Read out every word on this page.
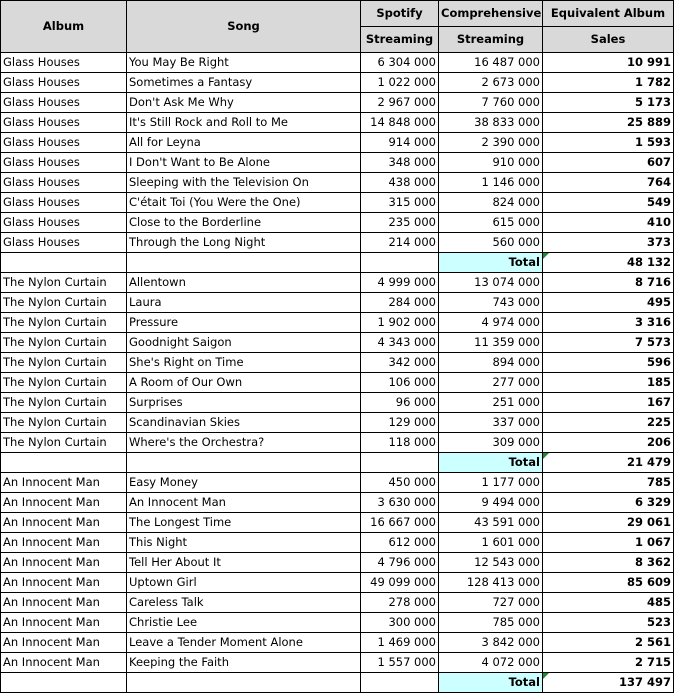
Album	Song	Spotify	Comprehensive	Equivalent Album
		Streaming	Streaming	Sales
Glass Houses	You May Be Right	6 304 000	16 487 000	10 991
Glass Houses	Sometimes a Fantasy	1 022 000	2 673 000	1 782
Glass Houses	Don't Ask Me Why	2 967 000	7 760 000	5 173
Glass Houses	It's Still Rock and Roll to Me	14 848 000	38 833 000	25 889
Glass Houses	All for Leyna	914 000	2 390 000	1 593
Glass Houses	I Don't Want to Be Alone	348 000	910 000	607
Glass Houses	Sleeping with the Television On	438 000	1 146 000	764
Glass Houses	C'était Toi (You Were the One)	315 000	824 000	549
Glass Houses	Close to the Borderline	235 000	615 000	410
Glass Houses	Through the Long Night	214 000	560 000	373
			Total	48 132
The Nylon Curtain	Allentown	4 999 000	13 074 000	8 716
The Nylon Curtain	Laura	284 000	743 000	495
The Nylon Curtain	Pressure	1 902 000	4 974 000	3 316
The Nylon Curtain	Goodnight Saigon	4 343 000	11 359 000	7 573
The Nylon Curtain	She's Right on Time	342 000	894 000	596
The Nylon Curtain	A Room of Our Own	106 000	277 000	185
The Nylon Curtain	Surprises	96 000	251 000	167
The Nylon Curtain	Scandinavian Skies	129 000	337 000	225
The Nylon Curtain	Where's the Orchestra?	118 000	309 000	206
			Total	21 479
An Innocent Man	Easy Money	450 000	1 177 000	785
An Innocent Man	An Innocent Man	3 630 000	9 494 000	6 329
An Innocent Man	The Longest Time	16 667 000	43 591 000	29 061
An Innocent Man	This Night	612 000	1 601 000	1 067
An Innocent Man	Tell Her About It	4 796 000	12 543 000	8 362
An Innocent Man	Uptown Girl	49 099 000	128 413 000	85 609
An Innocent Man	Careless Talk	278 000	727 000	485
An Innocent Man	Christie Lee	300 000	785 000	523
An Innocent Man	Leave a Tender Moment Alone	1 469 000	3 842 000	2 561
An Innocent Man	Keeping the Faith	1 557 000	4 072 000	2 715
			Total	137 497
